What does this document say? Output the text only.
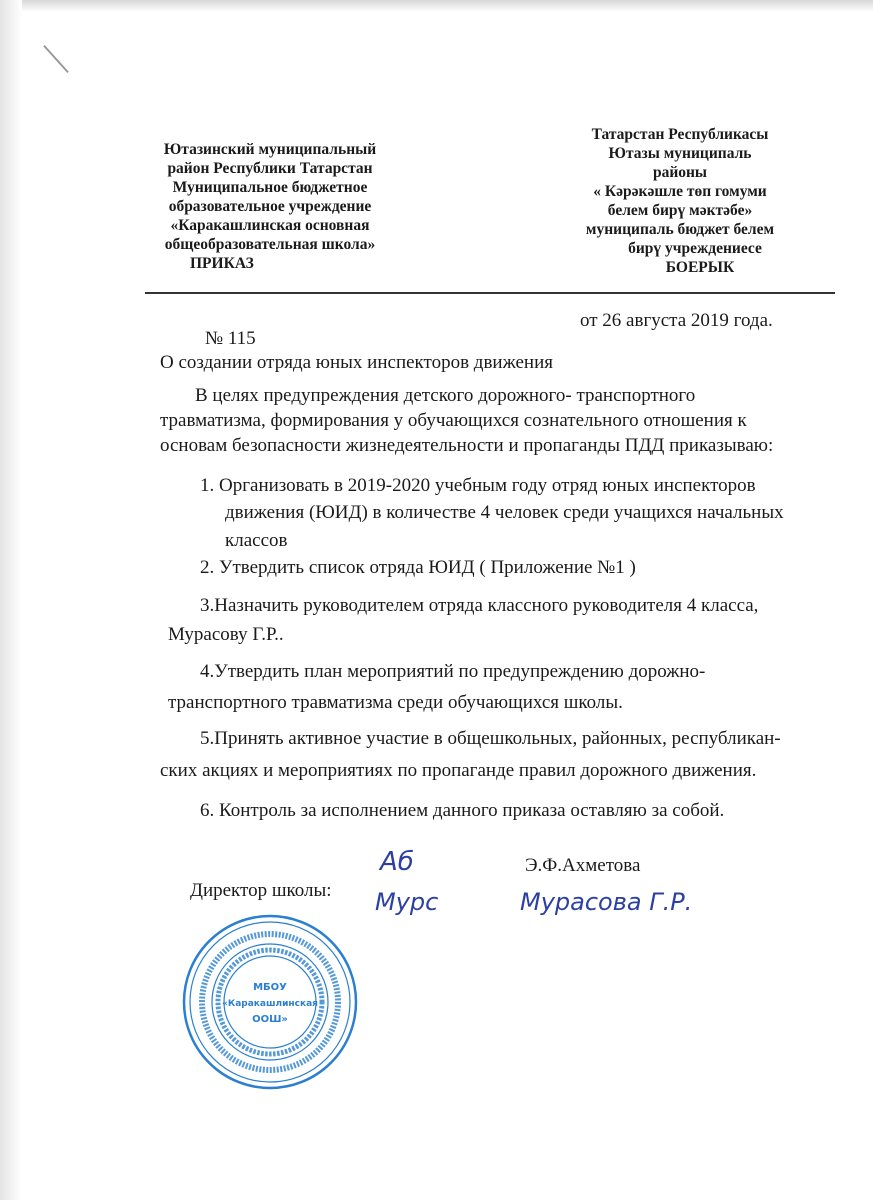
Ютазинский муниципальный
район Республики Татарстан
Муниципальное бюджетное
образовательное учреждение
«Каракашлинская основная
общеобразовательная школа»
ПРИКАЗ
Татарстан Республикасы
Ютазы муниципаль
районы
« Кәрәкәшле төп гомуми
белем бирү мәктәбе»
муниципаль бюджет белем
бирү учреждениесе
БОЕРЫК
от 26 августа 2019 года.
№ 115
О создании отряда юных инспекторов движения
В целях предупреждения детского дорожного- транспортного
травматизма, формирования у обучающихся сознательного отношения к
основам безопасности жизнедеятельности и пропаганды ПДД приказываю:
1. Организовать в 2019-2020 учебным году отряд юных инспекторов
движения (ЮИД) в количестве 4 человек среди учащихся начальных
классов
2. Утвердить список отряда ЮИД ( Приложение №1 )
3.Назначить руководителем отряда классного руководителя 4 класса,
Мурасову Г.Р..
4.Утвердить план мероприятий по предупреждению дорожно-
транспортного травматизма среди обучающихся школы.
5.Принять активное участие в общешкольных, районных, республикан-
ских акциях и мероприятиях по пропаганде правил дорожного движения.
6. Контроль за исполнением данного приказа оставляю за собой.
Э.Ф.Ахметова
Директор школы:
Аб
Мурс	Мурасова Г.Р.
МБОУ
«Каракашлинская
ООШ»
